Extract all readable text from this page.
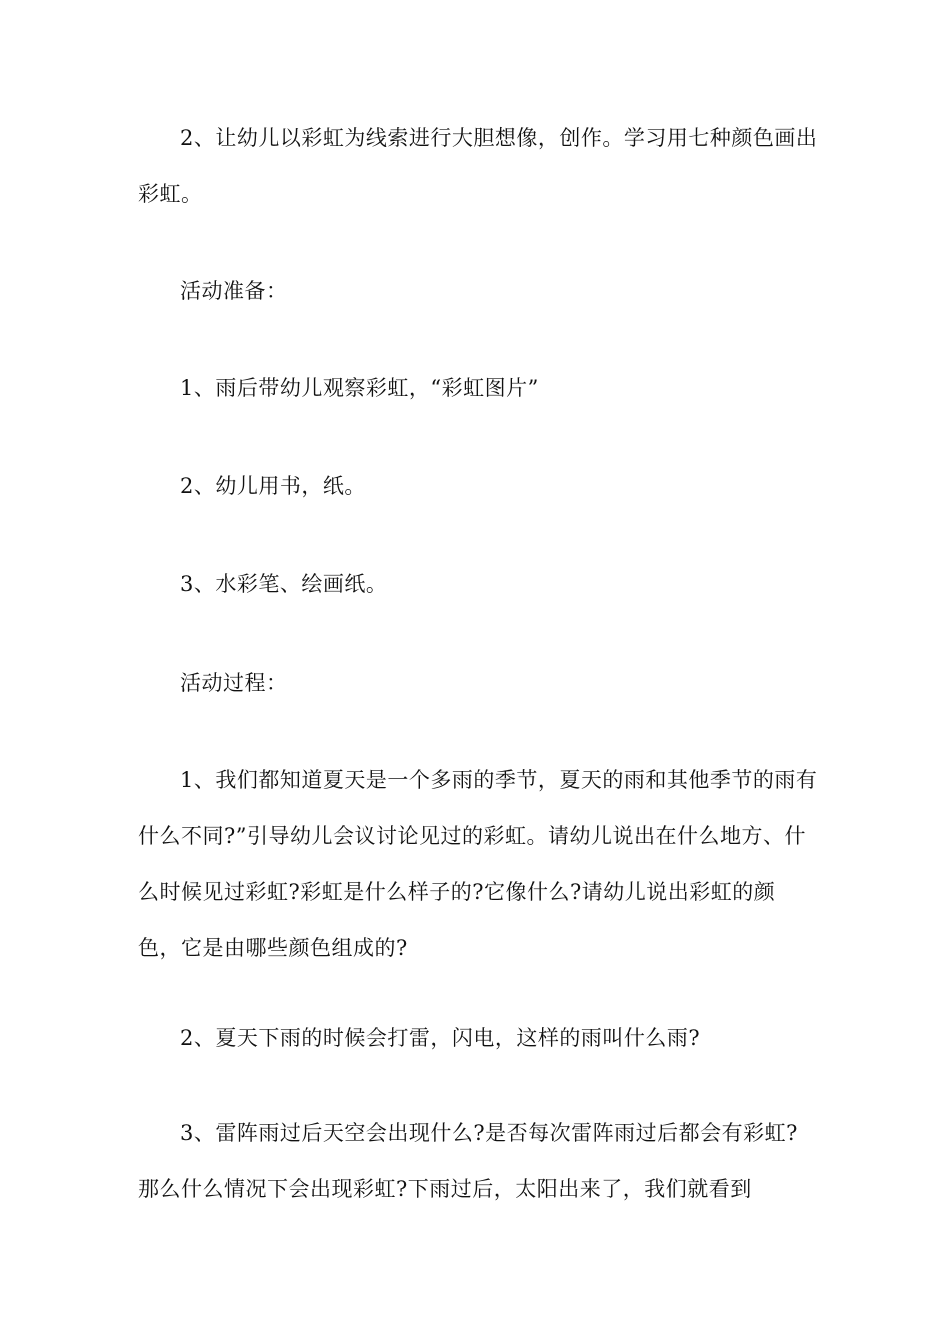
2、让幼儿以彩虹为线索进行大胆想像，创作。学习用七种颜色画出彩虹。

活动准备：

1、雨后带幼儿观察彩虹，“彩虹图片”

2、幼儿用书，纸。

3、水彩笔、绘画纸。

活动过程：

1、我们都知道夏天是一个多雨的季节，夏天的雨和其他季节的雨有什么不同?”引导幼儿会议讨论见过的彩虹。请幼儿说出在什么地方、什么时候见过彩虹?彩虹是什么样子的?它像什么?请幼儿说出彩虹的颜色，它是由哪些颜色组成的?

2、夏天下雨的时候会打雷，闪电，这样的雨叫什么雨?

3、雷阵雨过后天空会出现什么?是否每次雷阵雨过后都会有彩虹?那么什么情况下会出现彩虹?下雨过后，太阳出来了，我们就看到
